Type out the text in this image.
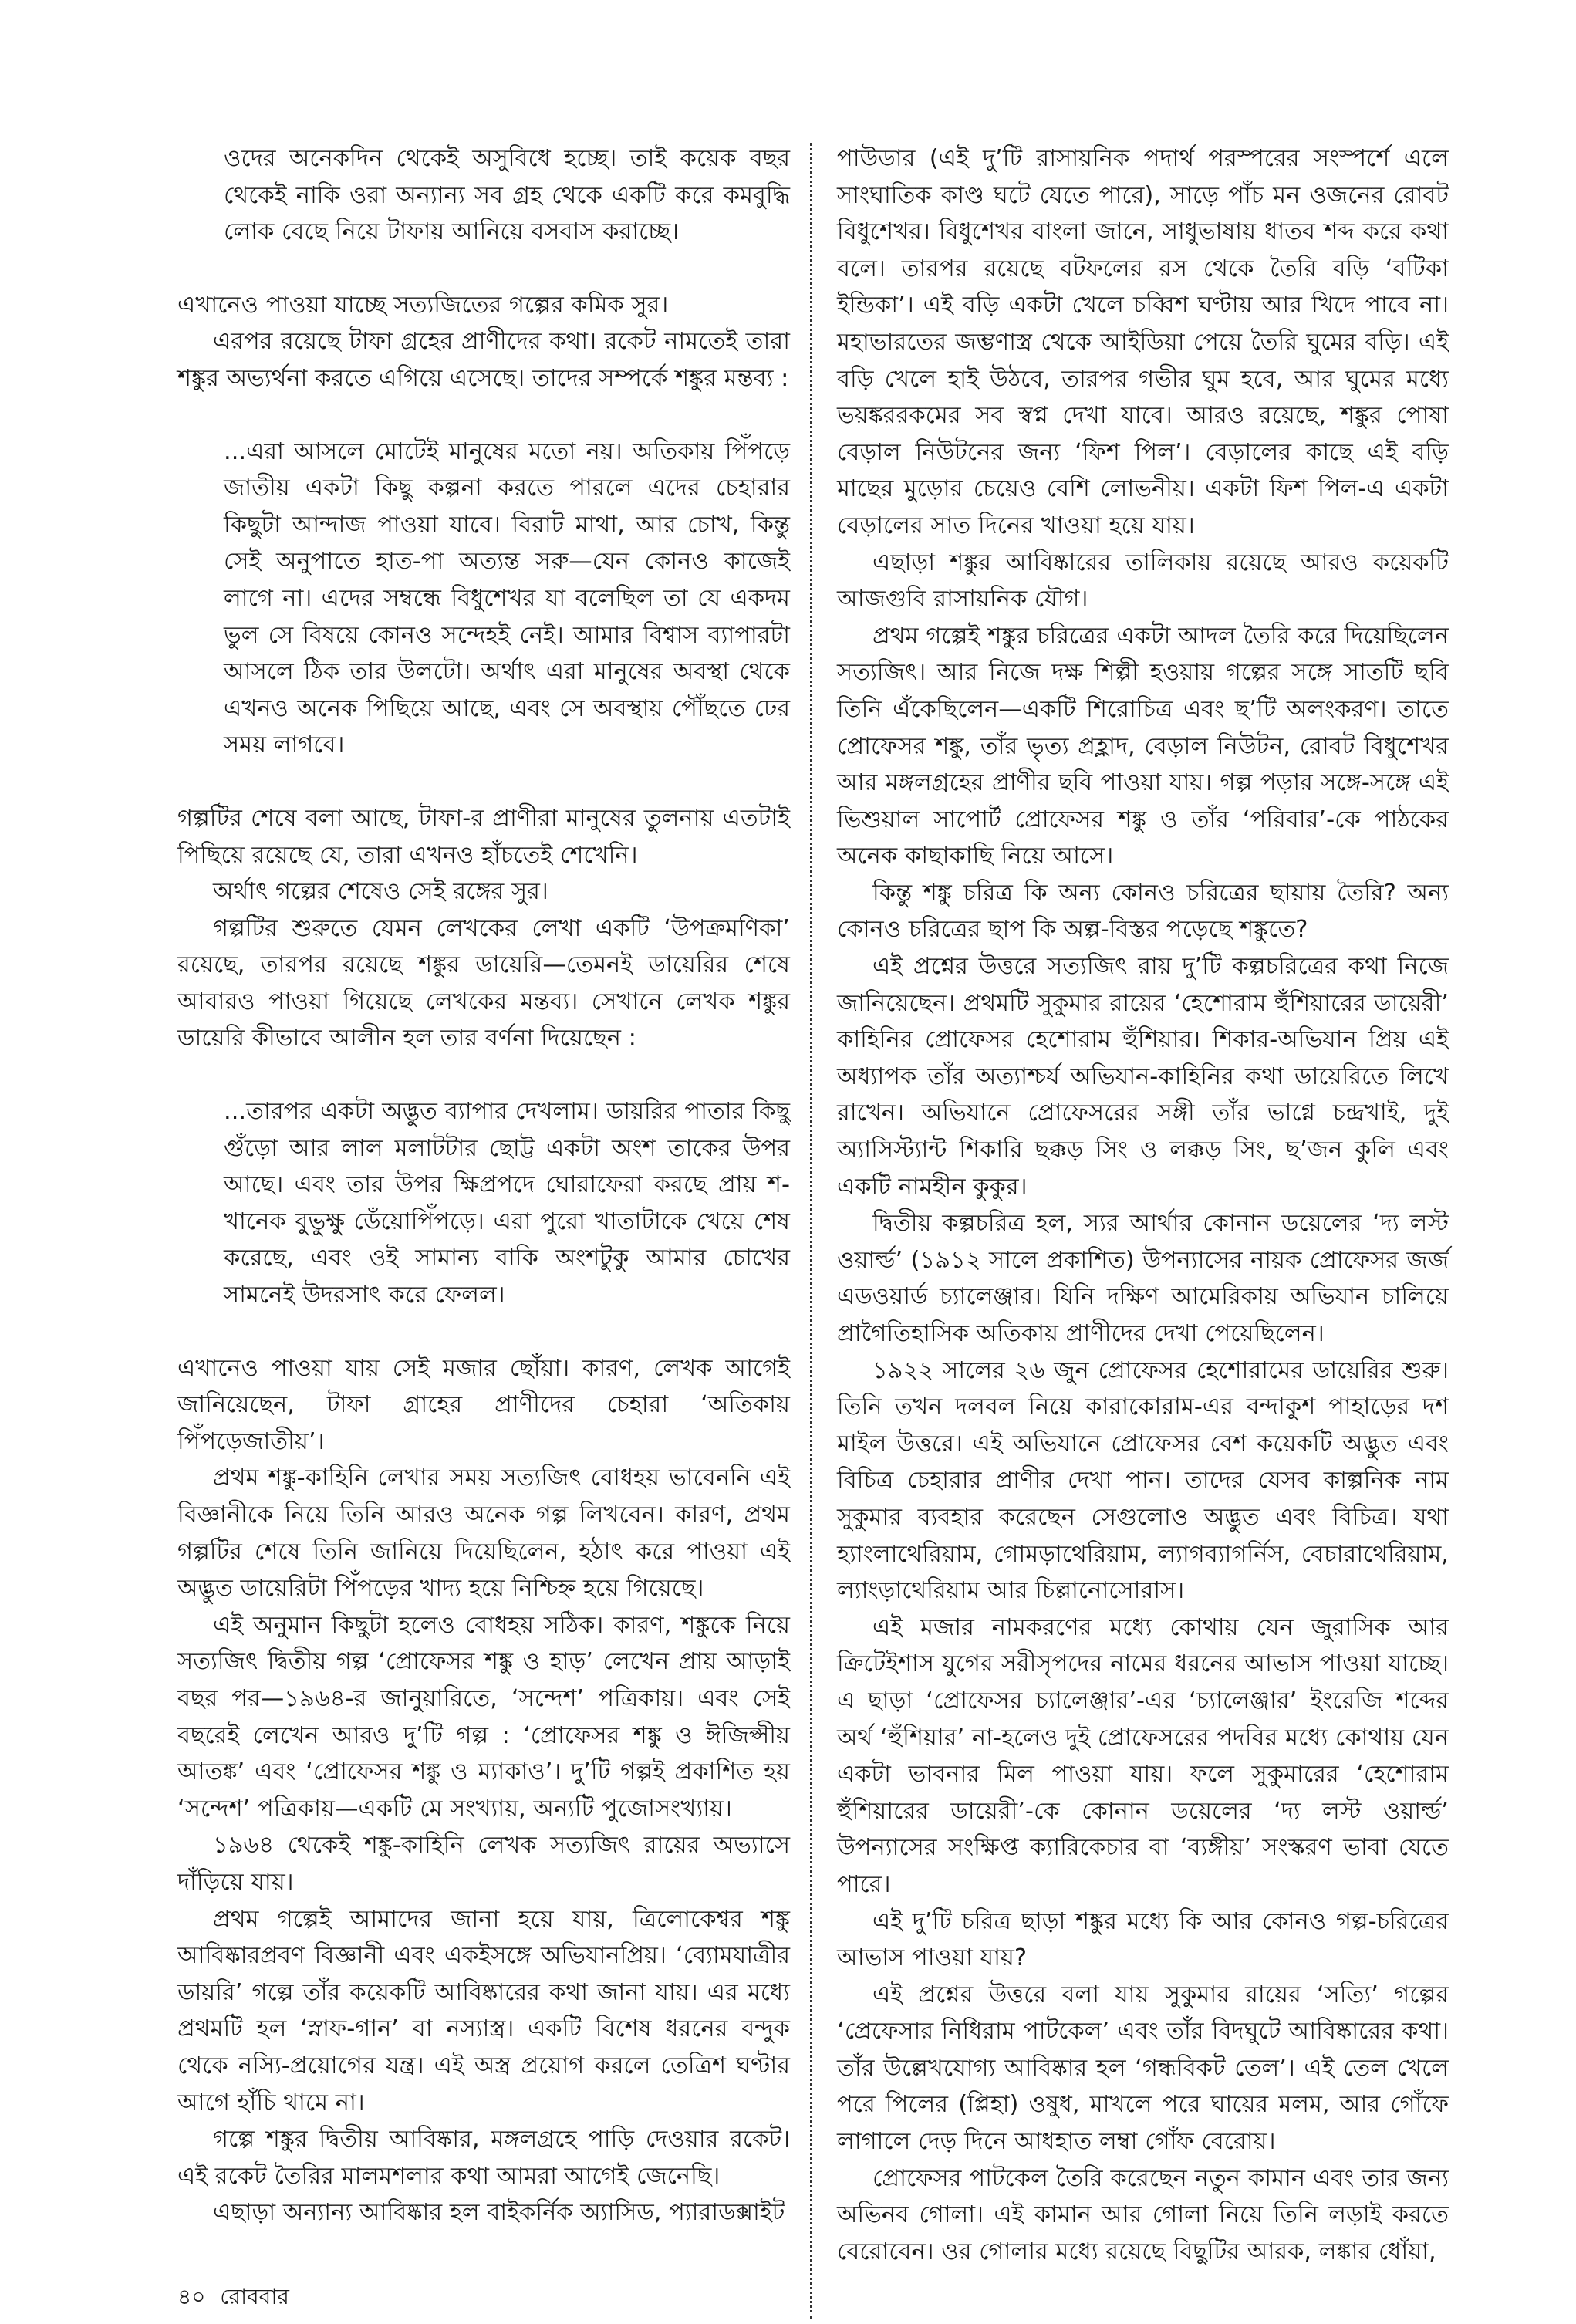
ওদের অনেকদিন থেকেই অসুবিধে হচ্ছে। তাই কয়েক বছর থেকেই নাকি ওরা অন্যান্য সব গ্রহ থেকে একটি করে কমবুদ্ধি লোক বেছে নিয়ে টাফায় আনিয়ে বসবাস করাচ্ছে।

এখানেও পাওয়া যাচ্ছে সত্যজিতের গল্পের কমিক সুর।

এরপর রয়েছে টাফা গ্রহের প্রাণীদের কথা। রকেট নামতেই তারা শঙ্কুর অভ্যর্থনা করতে এগিয়ে এসেছে। তাদের সম্পর্কে শঙ্কুর মন্তব্য :

...এরা আসলে মোটেই মানুষের মতো নয়। অতিকায় পিঁপড়ে জাতীয় একটা কিছু কল্পনা করতে পারলে এদের চেহারার কিছুটা আন্দাজ পাওয়া যাবে। বিরাট মাথা, আর চোখ, কিন্তু সেই অনুপাতে হাত-পা অত্যন্ত সরু—যেন কোনও কাজেই লাগে না। এদের সম্বন্ধে বিধুশেখর যা বলেছিল তা যে একদম ভুল সে বিষয়ে কোনও সন্দেহই নেই। আমার বিশ্বাস ব্যাপারটা আসলে ঠিক তার উলটো। অর্থাৎ এরা মানুষের অবস্থা থেকে এখনও অনেক পিছিয়ে আছে, এবং সে অবস্থায় পৌঁছতে ঢের সময় লাগবে।

গল্পটির শেষে বলা আছে, টাফা-র প্রাণীরা মানুষের তুলনায় এতটাই পিছিয়ে রয়েছে যে, তারা এখনও হাঁচতেই শেখেনি।

অর্থাৎ গল্পের শেষেও সেই রঙ্গের সুর।

গল্পটির শুরুতে যেমন লেখকের লেখা একটি ‘উপক্রমণিকা’ রয়েছে, তারপর রয়েছে শঙ্কুর ডায়েরি—তেমনই ডায়েরির শেষে আবারও পাওয়া গিয়েছে লেখকের মন্তব্য। সেখানে লেখক শঙ্কুর ডায়েরি কীভাবে আলীন হল তার বর্ণনা দিয়েছেন :

...তারপর একটা অদ্ভুত ব্যাপার দেখলাম। ডায়রির পাতার কিছু গুঁড়ো আর লাল মলাটটার ছোট্ট একটা অংশ তাকের উপর আছে। এবং তার উপর ক্ষিপ্রপদে ঘোরাফেরা করছে প্রায় শ-খানেক বুভুক্ষু ডেঁয়োপিঁপড়ে। এরা পুরো খাতাটাকে খেয়ে শেষ করেছে, এবং ওই সামান্য বাকি অংশটুকু আমার চোখের সামনেই উদরসাৎ করে ফেলল।

এখানেও পাওয়া যায় সেই মজার ছোঁয়া। কারণ, লেখক আগেই জানিয়েছেন, টাফা গ্রাহের প্রাণীদের চেহারা ‘অতিকায় পিঁপড়েজাতীয়’।

প্রথম শঙ্কু-কাহিনি লেখার সময় সত্যজিৎ বোধহয় ভাবেননি এই বিজ্ঞানীকে নিয়ে তিনি আরও অনেক গল্প লিখবেন। কারণ, প্রথম গল্পটির শেষে তিনি জানিয়ে দিয়েছিলেন, হঠাৎ করে পাওয়া এই অদ্ভুত ডায়েরিটা পিঁপড়ের খাদ্য হয়ে নিশ্চিহ্ন হয়ে গিয়েছে।

এই অনুমান কিছুটা হলেও বোধহয় সঠিক। কারণ, শঙ্কুকে নিয়ে সত্যজিৎ দ্বিতীয় গল্প ‘প্রোফেসর শঙ্কু ও হাড়’ লেখেন প্রায় আড়াই বছর পর—১৯৬৪-র জানুয়ারিতে, ‘সন্দেশ’ পত্রিকায়। এবং সেই বছরেই লেখেন আরও দু’টি গল্প : ‘প্রোফেসর শঙ্কু ও ঈজিপ্সীয় আতঙ্ক’ এবং ‘প্রোফেসর শঙ্কু ও ম্যাকাও’। দু’টি গল্পই প্রকাশিত হয় ‘সন্দেশ’ পত্রিকায়—একটি মে সংখ্যায়, অন্যটি পুজোসংখ্যায়।

১৯৬৪ থেকেই শঙ্কু-কাহিনি লেখক সত্যজিৎ রায়ের অভ্যাসে দাঁড়িয়ে যায়।

প্রথম গল্পেই আমাদের জানা হয়ে যায়, ত্রিলোকেশ্বর শঙ্কু আবিষ্কারপ্রবণ বিজ্ঞানী এবং একইসঙ্গে অভিযানপ্রিয়। ‘ব্যোমযাত্রীর ডায়রি’ গল্পে তাঁর কয়েকটি আবিষ্কারের কথা জানা যায়। এর মধ্যে প্রথমটি হল ‘স্নাফ-গান’ বা নস্যাস্ত্র। একটি বিশেষ ধরনের বন্দুক থেকে নস্যি-প্রয়োগের যন্ত্র। এই অস্ত্র প্রয়োগ করলে তেত্রিশ ঘণ্টার আগে হাঁচি থামে না।

গল্পে শঙ্কুর দ্বিতীয় আবিষ্কার, মঙ্গলগ্রহে পাড়ি দেওয়ার রকেট। এই রকেট তৈরির মালমশলার কথা আমরা আগেই জেনেছি।

এছাড়া অন্যান্য আবিষ্কার হল বাইকর্নিক অ্যাসিড, প্যারাডক্সাইট

পাউডার (এই দু’টি রাসায়নিক পদার্থ পরস্পরের সংস্পর্শে এলে সাংঘাতিক কাণ্ড ঘটে যেতে পারে), সাড়ে পাঁচ মন ওজনের রোবট বিধুশেখর। বিধুশেখর বাংলা জানে, সাধুভাষায় ধাতব শব্দ করে কথা বলে। তারপর রয়েছে বটফলের রস থেকে তৈরি বড়ি ‘বটিকা ইন্ডিকা’। এই বড়ি একটা খেলে চব্বিশ ঘণ্টায় আর খিদে পাবে না। মহাভারতের জম্ভণাস্ত্র থেকে আইডিয়া পেয়ে তৈরি ঘুমের বড়ি। এই বড়ি খেলে হাই উঠবে, তারপর গভীর ঘুম হবে, আর ঘুমের মধ্যে ভয়ঙ্কররকমের সব স্বপ্ন দেখা যাবে। আরও রয়েছে, শঙ্কুর পোষা বেড়াল নিউটনের জন্য ‘ফিশ পিল’। বেড়ালের কাছে এই বড়ি মাছের মুড়োর চেয়েও বেশি লোভনীয়। একটা ফিশ পিল-এ একটা বেড়ালের সাত দিনের খাওয়া হয়ে যায়।

এছাড়া শঙ্কুর আবিষ্কারের তালিকায় রয়েছে আরও কয়েকটি আজগুবি রাসায়নিক যৌগ।

প্রথম গল্পেই শঙ্কুর চরিত্রের একটা আদল তৈরি করে দিয়েছিলেন সত্যজিৎ। আর নিজে দক্ষ শিল্পী হওয়ায় গল্পের সঙ্গে সাতটি ছবি তিনি এঁকেছিলেন—একটি শিরোচিত্র এবং ছ’টি অলংকরণ। তাতে প্রোফেসর শঙ্কু, তাঁর ভৃত্য প্রহ্লাদ, বেড়াল নিউটন, রোবট বিধুশেখর আর মঙ্গলগ্রহের প্রাণীর ছবি পাওয়া যায়। গল্প পড়ার সঙ্গে-সঙ্গে এই ভিশুয়াল সাপোর্ট প্রোফেসর শঙ্কু ও তাঁর ‘পরিবার’-কে পাঠকের অনেক কাছাকাছি নিয়ে আসে।

কিন্তু শঙ্কু চরিত্র কি অন্য কোনও চরিত্রের ছায়ায় তৈরি? অন্য কোনও চরিত্রের ছাপ কি অল্প-বিস্তর পড়েছে শঙ্কুতে?

এই প্রশ্নের উত্তরে সত্যজিৎ রায় দু’টি কল্পচরিত্রের কথা নিজে জানিয়েছেন। প্রথমটি সুকুমার রায়ের ‘হেশোরাম হুঁশিয়ারের ডায়েরী’ কাহিনির প্রোফেসর হেশোরাম হুঁশিয়ার। শিকার-অভিযান প্রিয় এই অধ্যাপক তাঁর অত্যাশ্চর্য অভিযান-কাহিনির কথা ডায়েরিতে লিখে রাখেন। অভিযানে প্রোফেসরের সঙ্গী তাঁর ভাগ্নে চন্দ্রখাই, দুই অ্যাসিস্ট্যান্ট শিকারি ছক্কড় সিং ও লক্কড় সিং, ছ’জন কুলি এবং একটি নামহীন কুকুর।

দ্বিতীয় কল্পচরিত্র হল, স্যর আর্থার কোনান ডয়েলের ‘দ্য লস্ট ওয়ার্ল্ড’ (১৯১২ সালে প্রকাশিত) উপন্যাসের নায়ক প্রোফেসর জর্জ এডওয়ার্ড চ্যালেঞ্জার। যিনি দক্ষিণ আমেরিকায় অভিযান চালিয়ে প্রাগৈতিহাসিক অতিকায় প্রাণীদের দেখা পেয়েছিলেন।

১৯২২ সালের ২৬ জুন প্রোফেসর হেশোরামের ডায়েরির শুরু। তিনি তখন দলবল নিয়ে কারাকোরাম-এর বন্দাকুশ পাহাড়ের দশ মাইল উত্তরে। এই অভিযানে প্রোফেসর বেশ কয়েকটি অদ্ভুত এবং বিচিত্র চেহারার প্রাণীর দেখা পান। তাদের যেসব কাল্পনিক নাম সুকুমার ব্যবহার করেছেন সেগুলোও অদ্ভুত এবং বিচিত্র। যথা হ্যাংলাথেরিয়াম, গোমড়াথেরিয়াম, ল্যাগব্যাগর্নিস, বেচারাথেরিয়াম, ল্যাংড়াথেরিয়াম আর চিল্লানোসোরাস।

এই মজার নামকরণের মধ্যে কোথায় যেন জুরাসিক আর ক্রিটেইশাস যুগের সরীসৃপদের নামের ধরনের আভাস পাওয়া যাচ্ছে। এ ছাড়া ‘প্রোফেসর চ্যালেঞ্জার’-এর ‘চ্যালেঞ্জার’ ইংরেজি শব্দের অর্থ ‘হুঁশিয়ার’ না-হলেও দুই প্রোফেসরের পদবির মধ্যে কোথায় যেন একটা ভাবনার মিল পাওয়া যায়। ফলে সুকুমারের ‘হেশোরাম হুঁশিয়ারের ডায়েরী’-কে কোনান ডয়েলের ‘দ্য লস্ট ওয়ার্ল্ড’ উপন্যাসের সংক্ষিপ্ত ক্যারিকেচার বা ‘ব্যঙ্গীয়’ সংস্করণ ভাবা যেতে পারে।

এই দু’টি চরিত্র ছাড়া শঙ্কুর মধ্যে কি আর কোনও গল্প-চরিত্রের আভাস পাওয়া যায়?

এই প্রশ্নের উত্তরে বলা যায় সুকুমার রায়ের ‘সত্যি’ গল্পের ‘প্রেফেসার নিধিরাম পাটকেল’ এবং তাঁর বিদঘুটে আবিষ্কারের কথা। তাঁর উল্লেখযোগ্য আবিষ্কার হল ‘গন্ধবিকট তেল’। এই তেল খেলে পরে পিলের (প্লিহা) ওষুধ, মাখলে পরে ঘায়ের মলম, আর গোঁফে লাগালে দেড় দিনে আধহাত লম্বা গোঁফ বেরোয়।

প্রোফেসর পাটকেল তৈরি করেছেন নতুন কামান এবং তার জন্য অভিনব গোলা। এই কামান আর গোলা নিয়ে তিনি লড়াই করতে বেরোবেন। ওর গোলার মধ্যে রয়েছে বিছুটির আরক, লঙ্কার ধোঁয়া,

৪০ রোববার
